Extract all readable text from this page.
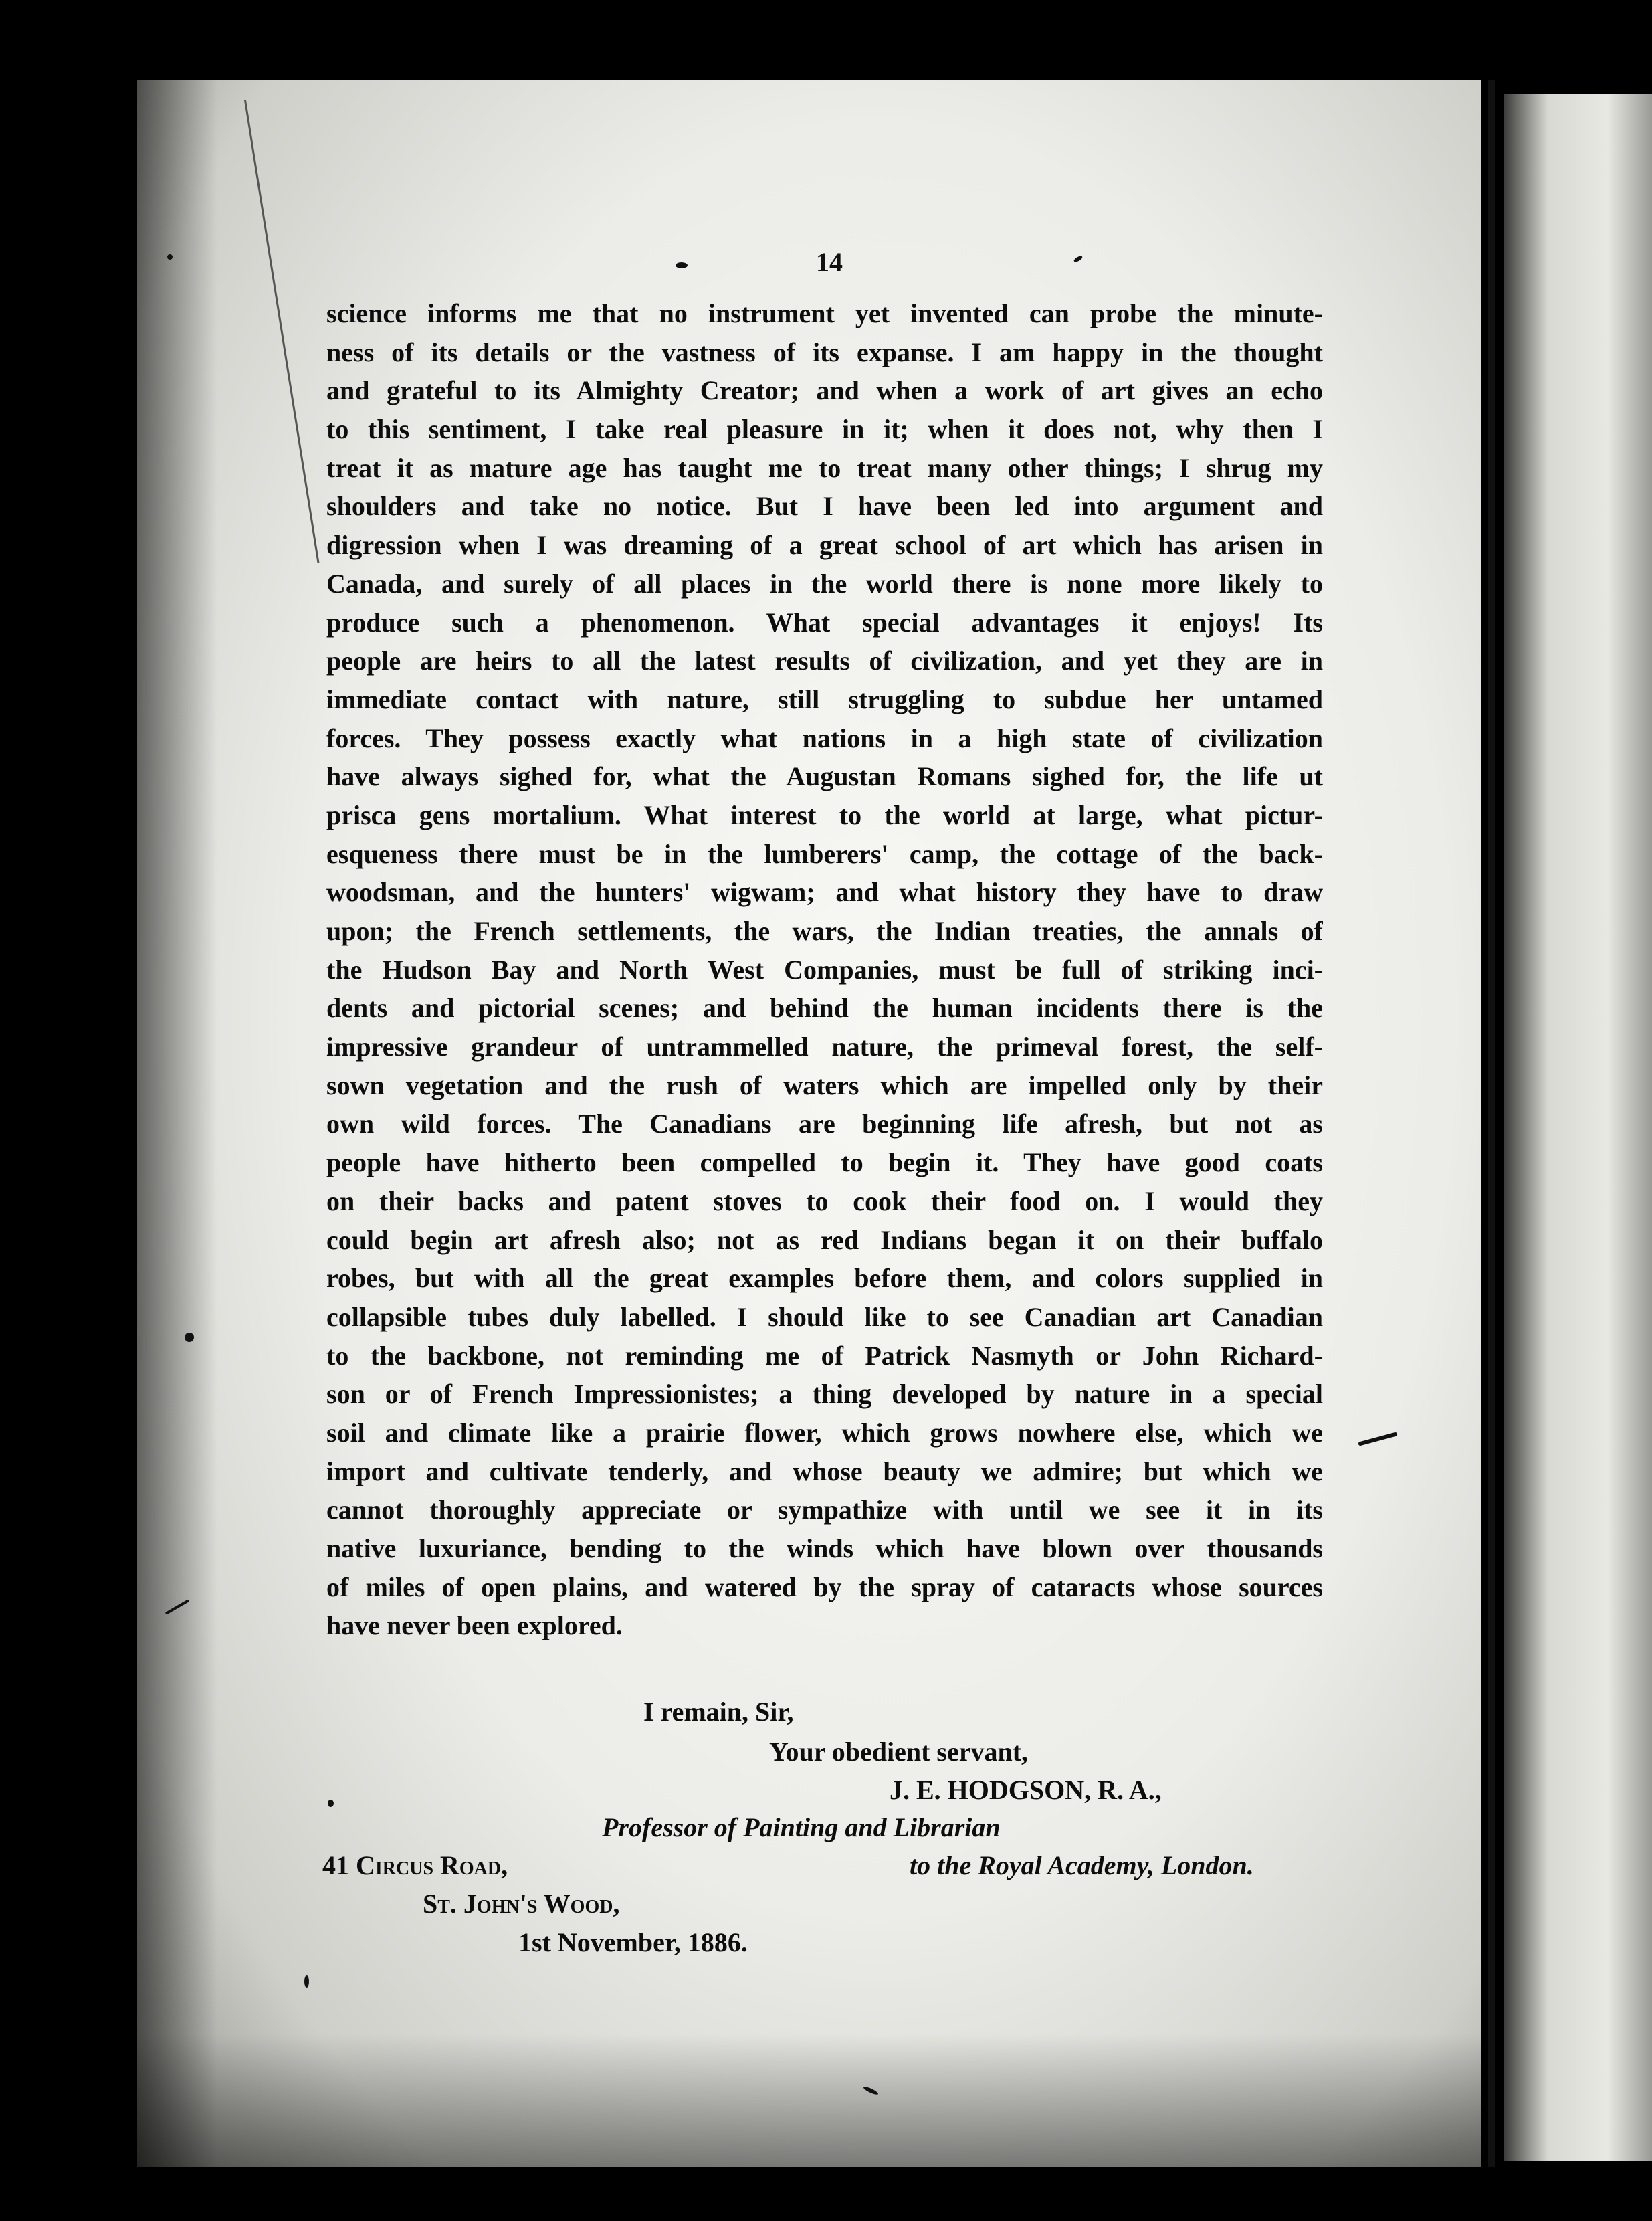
14
science informs me that no instrument yet invented can probe the minute-
ness of its details or the vastness of its expanse. I am happy in the thought
and grateful to its Almighty Creator; and when a work of art gives an echo
to this sentiment, I take real pleasure in it; when it does not, why then I
treat it as mature age has taught me to treat many other things; I shrug my
shoulders and take no notice. But I have been led into argument and
digression when I was dreaming of a great school of art which has arisen in
Canada, and surely of all places in the world there is none more likely to
produce such a phenomenon. What special advantages it enjoys! Its
people are heirs to all the latest results of civilization, and yet they are in
immediate contact with nature, still struggling to subdue her untamed
forces. They possess exactly what nations in a high state of civilization
have always sighed for, what the Augustan Romans sighed for, the life ut
prisca gens mortalium. What interest to the world at large, what pictur-
esqueness there must be in the lumberers' camp, the cottage of the back-
woodsman, and the hunters' wigwam; and what history they have to draw
upon; the French settlements, the wars, the Indian treaties, the annals of
the Hudson Bay and North West Companies, must be full of striking inci-
dents and pictorial scenes; and behind the human incidents there is the
impressive grandeur of untrammelled nature, the primeval forest, the self-
sown vegetation and the rush of waters which are impelled only by their
own wild forces. The Canadians are beginning life afresh, but not as
people have hitherto been compelled to begin it. They have good coats
on their backs and patent stoves to cook their food on. I would they
could begin art afresh also; not as red Indians began it on their buffalo
robes, but with all the great examples before them, and colors supplied in
collapsible tubes duly labelled. I should like to see Canadian art Canadian
to the backbone, not reminding me of Patrick Nasmyth or John Richard-
son or of French Impressionistes; a thing developed by nature in a special
soil and climate like a prairie flower, which grows nowhere else, which we
import and cultivate tenderly, and whose beauty we admire; but which we
cannot thoroughly appreciate or sympathize with until we see it in its
native luxuriance, bending to the winds which have blown over thousands
of miles of open plains, and watered by the spray of cataracts whose sources
have never been explored.
I remain, Sir,
Your obedient servant,
J. E. HODGSON, R. A.,
Professor of Painting and Librarian
to the Royal Academy, London.
41 Circus Road,
St. John's Wood,
1st November, 1886.
